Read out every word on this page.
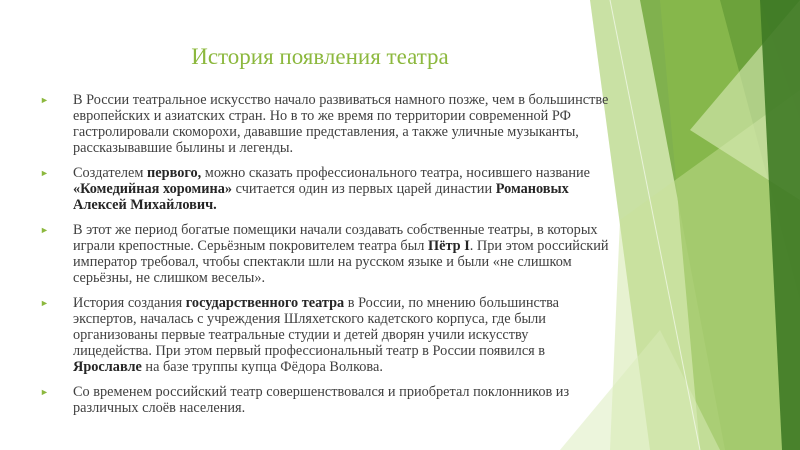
История появления театра
► В России театральное искусство начало развиваться намного позже, чем в большинстве европейских и азиатских стран. Но в то же время по территории современной РФ гастролировали скоморохи, дававшие представления, а также уличные музыканты, рассказывавшие былины и легенды.
► Создателем первого, можно сказать профессионального театра, носившего название «Комедийная хоромина» считается один из первых царей династии Романовых Алексей Михайлович.
► В этот же период богатые помещики начали создавать собственные театры, в которых играли крепостные. Серьёзным покровителем театра был Пётр I. При этом российский император требовал, чтобы спектакли шли на русском языке и были «не слишком серьёзны, не слишком веселы».
► История создания государственного театра в России, по мнению большинства экспертов, началась с учреждения Шляхетского кадетского корпуса, где были организованы первые театральные студии и детей дворян учили искусству лицедейства. При этом первый профессиональный театр в России появился в Ярославле на базе труппы купца Фёдора Волкова.
► Со временем российский театр совершенствовался и приобретал поклонников из различных слоёв населения.
